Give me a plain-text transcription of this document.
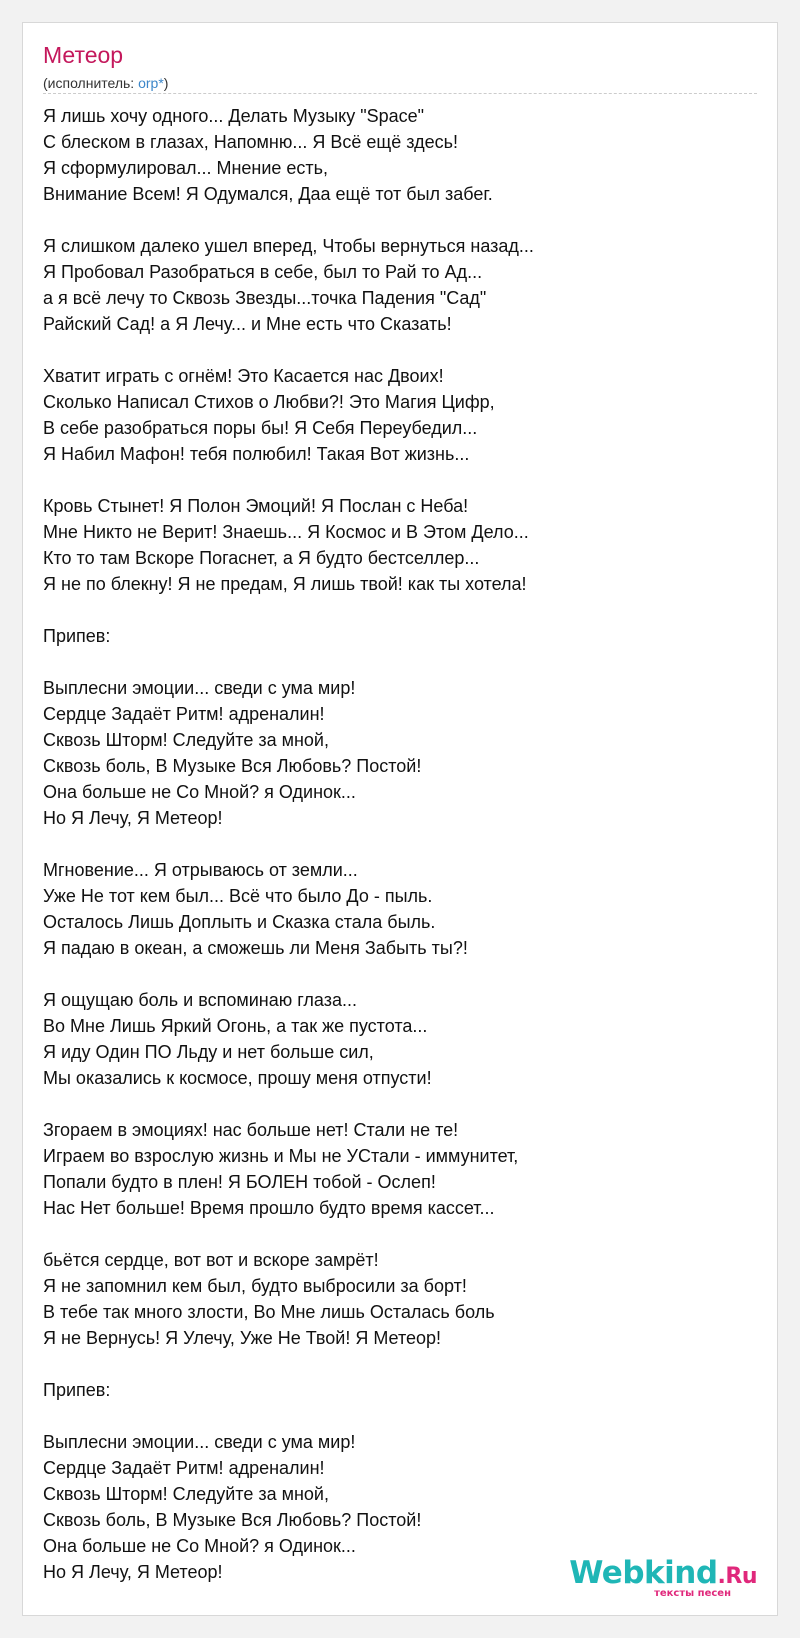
Метеор
(исполнитель: orp*)
Я лишь хочу одного... Делать Музыку "Space"
С блеском в глазах, Напомню... Я Всё ещё здесь!
Я сформулировал... Мнение есть,
Внимание Всем! Я Одумался, Даа ещё тот был забег.
Я слишком далеко ушел вперед, Чтобы вернуться назад...
Я Пробовал Разобраться в себе, был то Рай то Ад...
а я всё лечу то Сквозь Звезды...точка Падения "Сад"
Райский Сад! а Я Лечу... и Мне есть что Сказать!
Хватит играть с огнём! Это Касается нас Двоих!
Сколько Написал Стихов о Любви?! Это Магия Цифр,
В себе разобраться поры бы! Я Себя Переубедил...
Я Набил Мафон! тебя полюбил! Такая Вот жизнь...
Кровь Стынет! Я Полон Эмоций! Я Послан с Неба!
Мне Никто не Верит! Знаешь... Я Космос и В Этом Дело...
Кто то там Вскоре Погаснет, а Я будто бестселлер...
Я не по блекну! Я не предам, Я лишь твой! как ты хотела!
Припев:
Выплесни эмоции... сведи с ума мир!
Сердце Задаёт Ритм! адреналин!
Сквозь Шторм! Следуйте за мной,
Сквозь боль, В Музыке Вся Любовь? Постой!
Она больше не Со Мной? я Одинок...
Но Я Лечу, Я Метеор!
Мгновение... Я отрываюсь от земли...
Уже Не тот кем был... Всё что было До - пыль.
Осталось Лишь Доплыть и Сказка стала быль.
Я падаю в океан, а сможешь ли Меня Забыть ты?!
Я ощущаю боль и вспоминаю глаза...
Во Мне Лишь Яркий Огонь, а так же пустота...
Я иду Один ПО Льду и нет больше сил,
Мы оказались к космосе, прошу меня отпусти!
Згораем в эмоциях! нас больше нет! Стали не те!
Играем во взрослую жизнь и Мы не УСтали - иммунитет,
Попали будто в плен! Я БОЛЕН тобой - Ослеп!
Нас Нет больше! Время прошло будто время кассет...
бьётся сердце, вот вот и вскоре замрёт!
Я не запомнил кем был, будто выбросили за борт!
В тебе так много злости, Во Мне лишь Осталась боль
Я не Вернусь! Я Улечу, Уже Не Твой! Я Метеор!
Припев:
Выплесни эмоции... сведи с ума мир!
Сердце Задаёт Ритм! адреналин!
Сквозь Шторм! Следуйте за мной,
Сквозь боль, В Музыке Вся Любовь? Постой!
Она больше не Со Мной? я Одинок...
Но Я Лечу, Я Метеор!	Webkind.Ru
тексты песен
